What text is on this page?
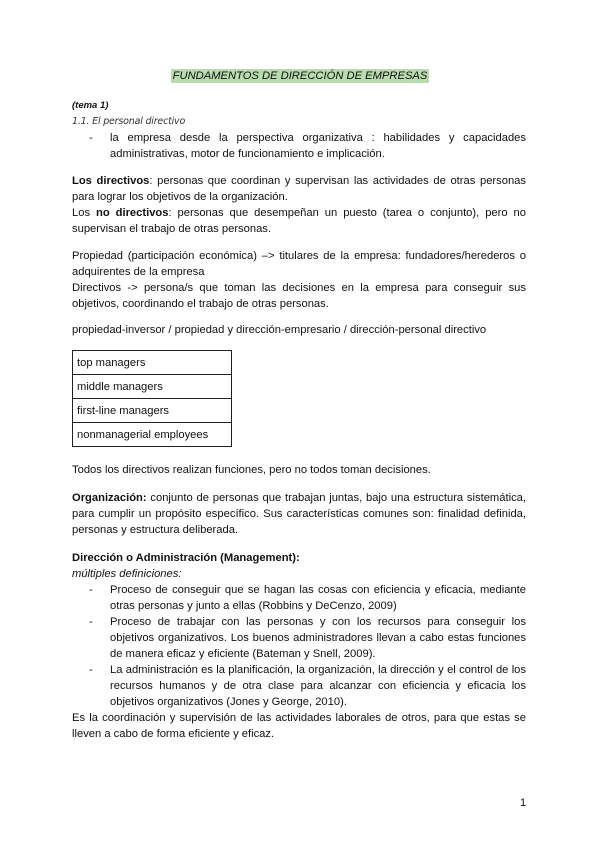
FUNDAMENTOS DE DIRECCIÓN DE EMPRESAS
(tema 1)
1.1. El personal directivo
- la empresa desde la perspectiva organizativa : habilidades y capacidades administrativas, motor de funcionamiento e implicación.
Los directivos: personas que coordinan y supervisan las actividades de otras personas para lograr los objetivos de la organización.
Los no directivos: personas que desempeñan un puesto (tarea o conjunto), pero no supervisan el trabajo de otras personas.
Propiedad (participación económica) –> titulares de la empresa: fundadores/herederos o adquirentes de la empresa
Directivos -> persona/s que toman las decisiones en la empresa para conseguir sus objetivos, coordinando el trabajo de otras personas.
propiedad-inversor / propiedad y dirección-empresario / dirección-personal directivo
top managers
middle managers
first-line managers
nonmanagerial employees
Todos los directivos realizan funciones, pero no todos toman decisiones.
Organización: conjunto de personas que trabajan juntas, bajo una estructura sistemática, para cumplir un propósito específico. Sus características comunes son: finalidad definida, personas y estructura deliberada.
Dirección o Administración (Management):
múltiples definiciones:
- Proceso de conseguir que se hagan las cosas con eficiencia y eficacia, mediante otras personas y junto a ellas (Robbins y DeCenzo, 2009)
- Proceso de trabajar con las personas y con los recursos para conseguir los objetivos organizativos. Los buenos administradores llevan a cabo estas funciones de manera eficaz y eficiente (Bateman y Snell, 2009).
- La administración es la planificación, la organización, la dirección y el control de los recursos humanos y de otra clase para alcanzar con eficiencia y eficacia los objetivos organizativos (Jones y George, 2010).
Es la coordinación y supervisión de las actividades laborales de otros, para que estas se lleven a cabo de forma eficiente y eficaz.
1
